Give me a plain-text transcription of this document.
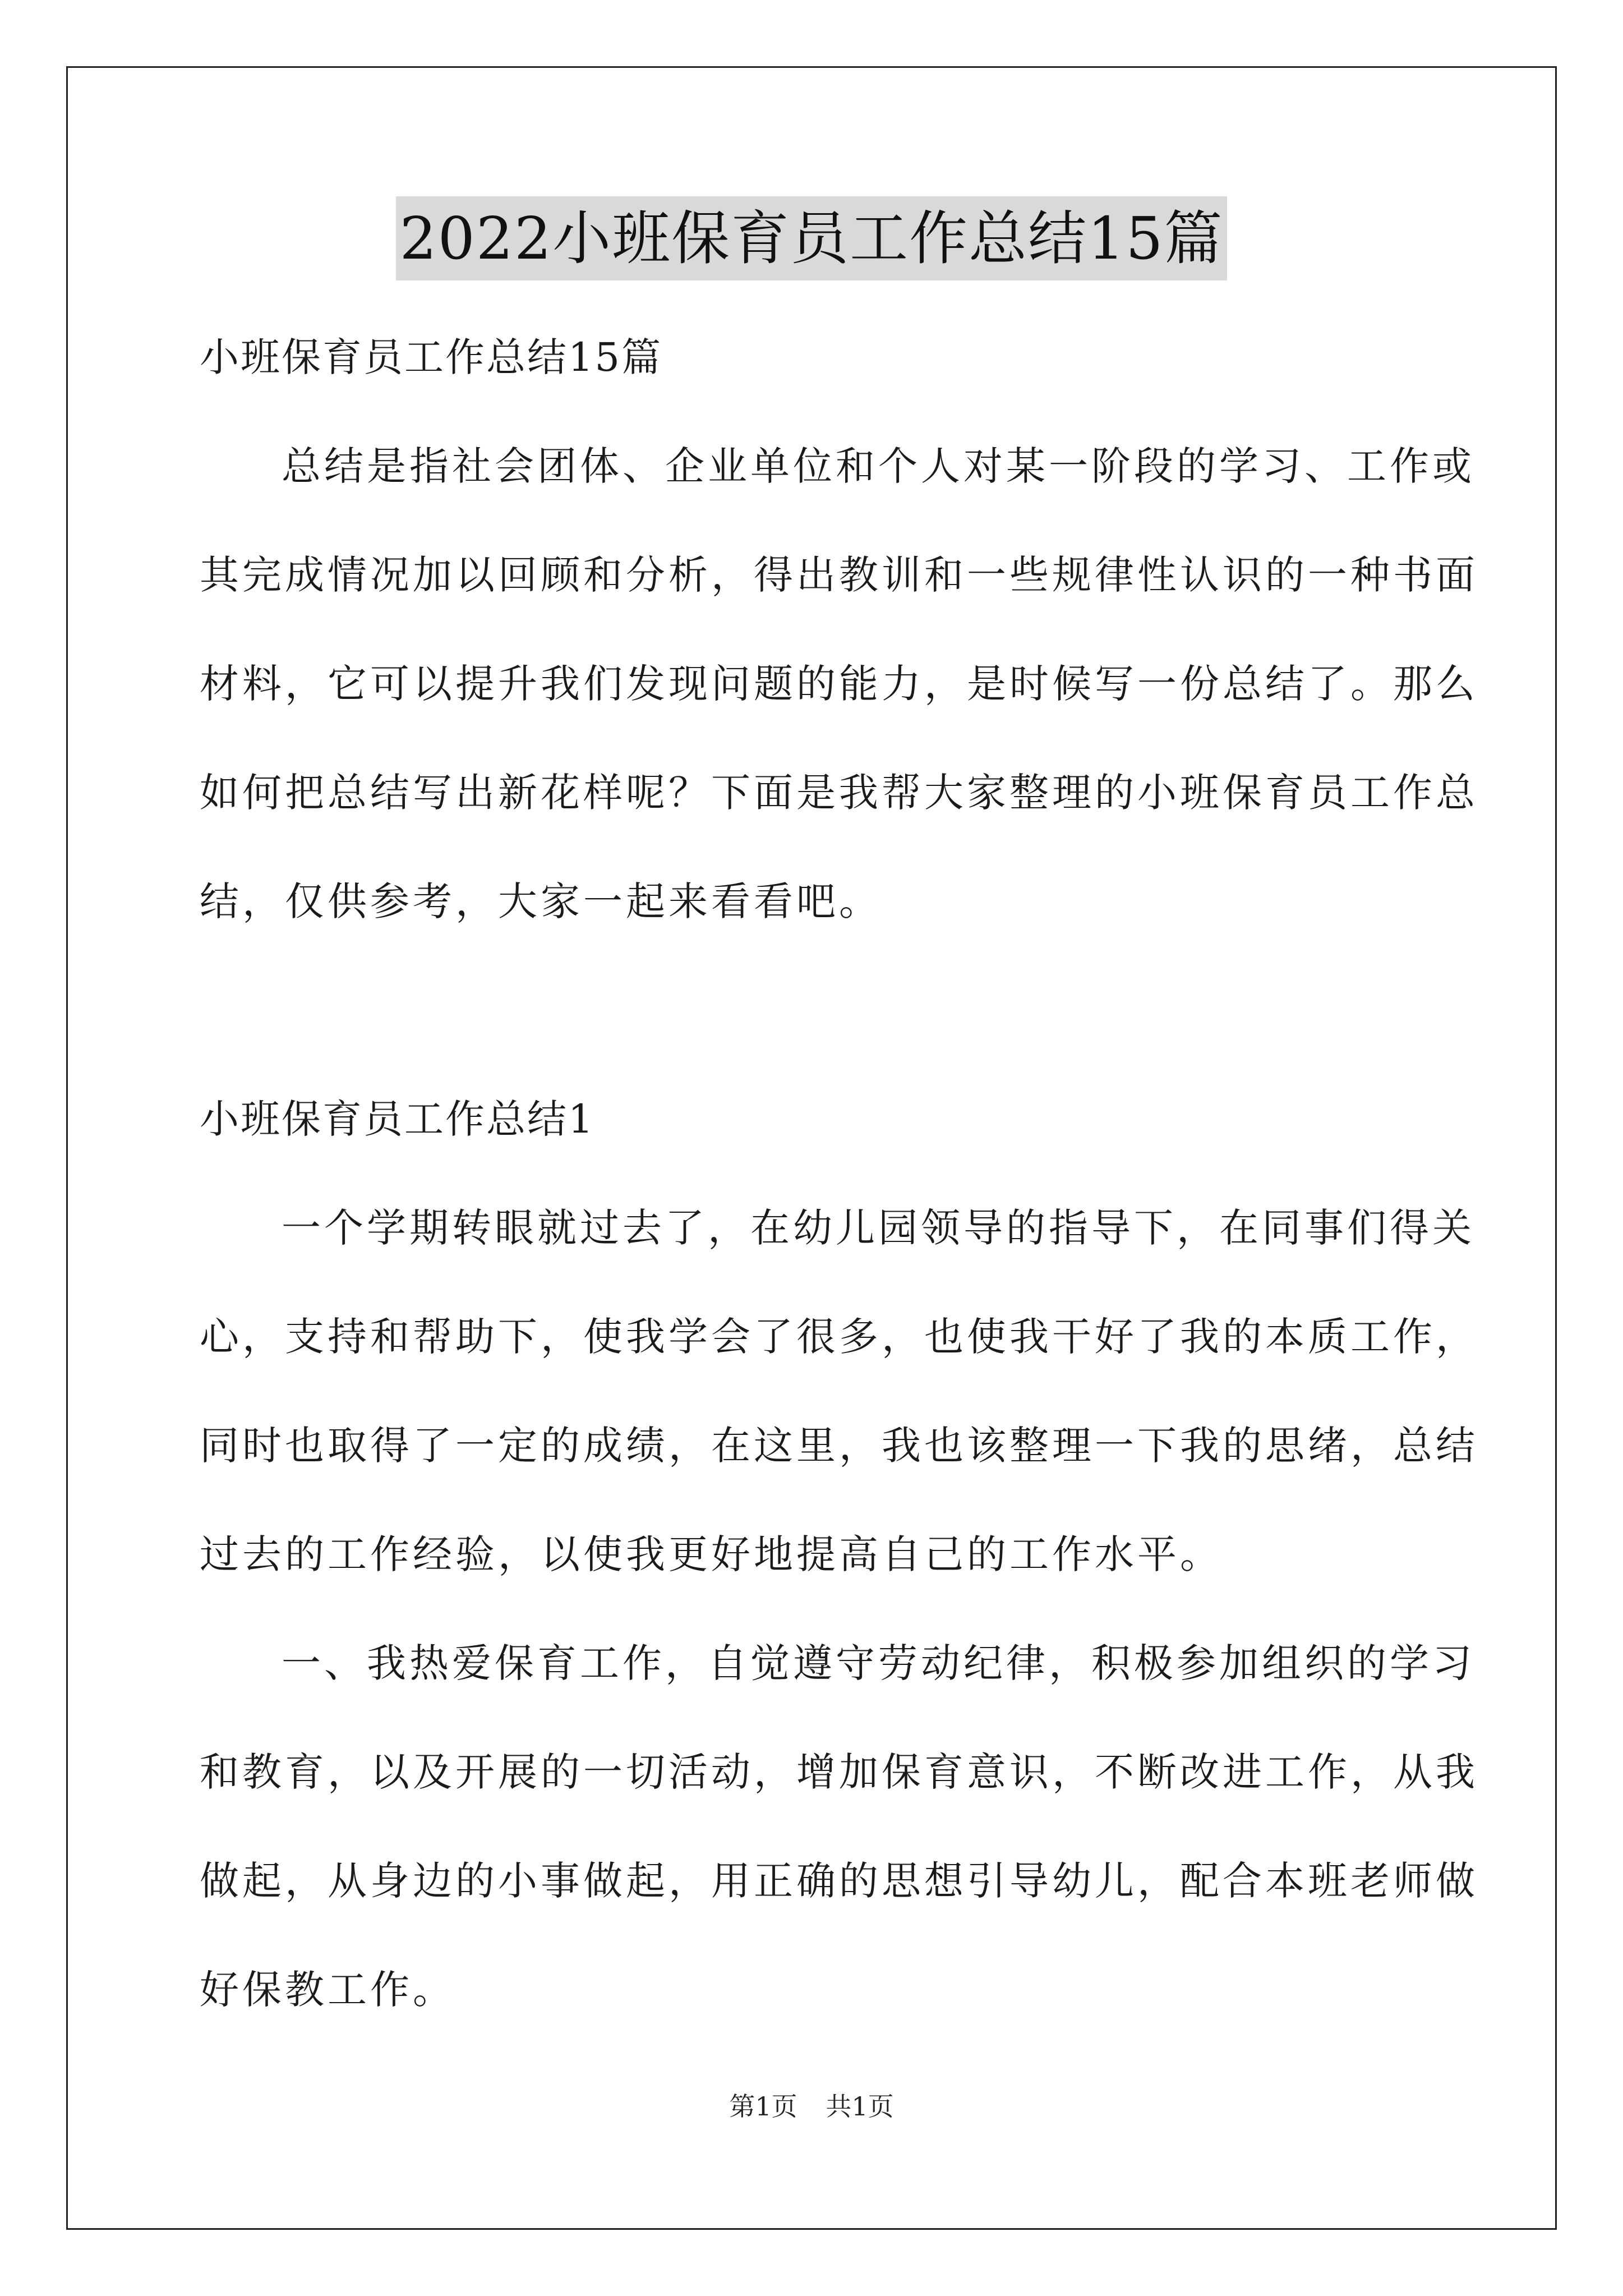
2022小班保育员工作总结15篇

小班保育员工作总结15篇

总结是指社会团体、企业单位和个人对某一阶段的学习、工作或

其完成情况加以回顾和分析，得出教训和一些规律性认识的一种书面

材料，它可以提升我们发现问题的能力，是时候写一份总结了。那么

如何把总结写出新花样呢？下面是我帮大家整理的小班保育员工作总

结，仅供参考，大家一起来看看吧。

小班保育员工作总结1

一个学期转眼就过去了，在幼儿园领导的指导下，在同事们得关

心，支持和帮助下，使我学会了很多，也使我干好了我的本质工作，

同时也取得了一定的成绩，在这里，我也该整理一下我的思绪，总结

过去的工作经验，以使我更好地提高自己的工作水平。

一、我热爱保育工作，自觉遵守劳动纪律，积极参加组织的学习

和教育，以及开展的一切活动，增加保育意识，不断改进工作，从我

做起，从身边的小事做起，用正确的思想引导幼儿，配合本班老师做

好保教工作。

第1页 共1页
